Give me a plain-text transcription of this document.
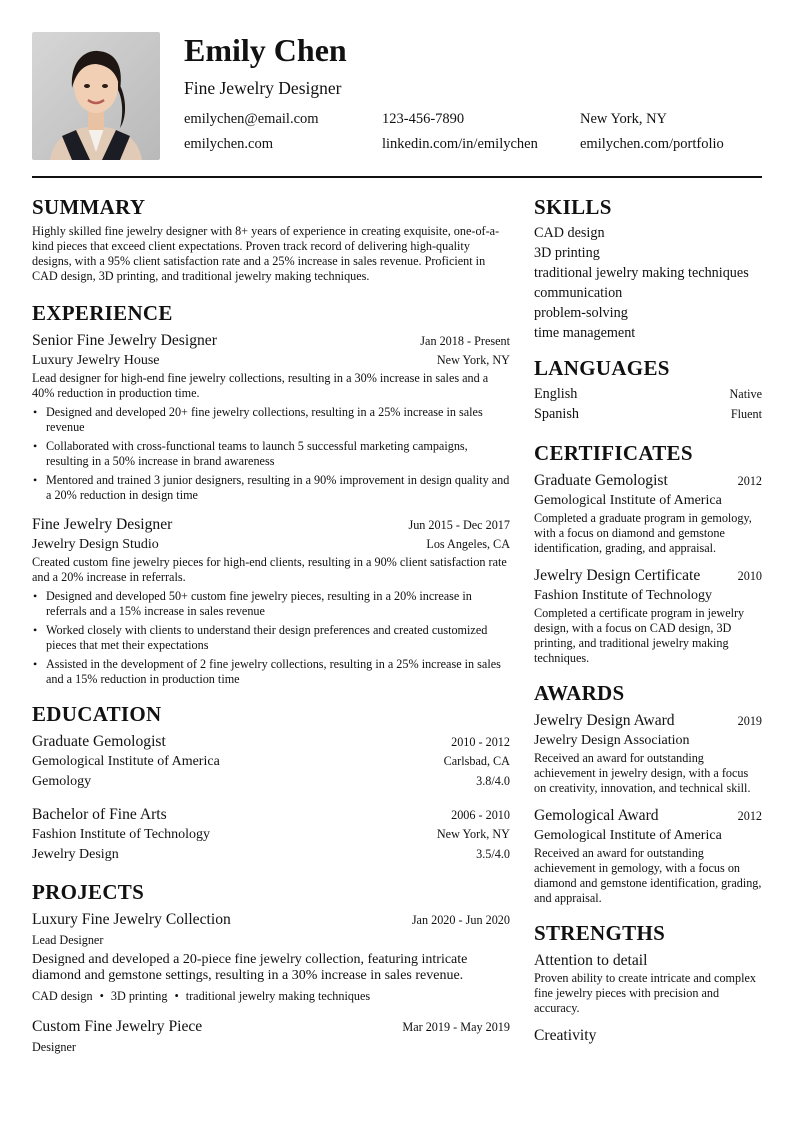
Emily Chen
Fine Jewelry Designer
emilychen@email.com	123-456-7890	New York, NY
emilychen.com	linkedin.com/in/emilychen	emilychen.com/portfolio
SUMMARY
Highly skilled fine jewelry designer with 8+ years of experience in creating exquisite, one-of-a-kind pieces that exceed client expectations. Proven track record of delivering high-quality designs, with a 95% client satisfaction rate and a 25% increase in sales revenue. Proficient in CAD design, 3D printing, and traditional jewelry making techniques.
EXPERIENCE
Senior Fine Jewelry Designer	Jan 2018 - Present
Luxury Jewelry House	New York, NY
Lead designer for high-end fine jewelry collections, resulting in a 30% increase in sales and a 40% reduction in production time.
• Designed and developed 20+ fine jewelry collections, resulting in a 25% increase in sales revenue
• Collaborated with cross-functional teams to launch 5 successful marketing campaigns, resulting in a 50% increase in brand awareness
• Mentored and trained 3 junior designers, resulting in a 90% improvement in design quality and a 20% reduction in design time
Fine Jewelry Designer	Jun 2015 - Dec 2017
Jewelry Design Studio	Los Angeles, CA
Created custom fine jewelry pieces for high-end clients, resulting in a 90% client satisfaction rate and a 20% increase in referrals.
• Designed and developed 50+ custom fine jewelry pieces, resulting in a 20% increase in referrals and a 15% increase in sales revenue
• Worked closely with clients to understand their design preferences and created customized pieces that met their expectations
• Assisted in the development of 2 fine jewelry collections, resulting in a 25% increase in sales and a 15% reduction in production time
EDUCATION
Graduate Gemologist	2010 - 2012
Gemological Institute of America	Carlsbad, CA
Gemology	3.8/4.0
Bachelor of Fine Arts	2006 - 2010
Fashion Institute of Technology	New York, NY
Jewelry Design	3.5/4.0
PROJECTS
Luxury Fine Jewelry Collection	Jan 2020 - Jun 2020
Lead Designer
Designed and developed a 20-piece fine jewelry collection, featuring intricate diamond and gemstone settings, resulting in a 30% increase in sales revenue.
CAD design • 3D printing • traditional jewelry making techniques
Custom Fine Jewelry Piece	Mar 2019 - May 2019
Designer
SKILLS
CAD design
3D printing
traditional jewelry making techniques
communication
problem-solving
time management
LANGUAGES
English	Native
Spanish	Fluent
CERTIFICATES
Graduate Gemologist	2012
Gemological Institute of America
Completed a graduate program in gemology, with a focus on diamond and gemstone identification, grading, and appraisal.
Jewelry Design Certificate	2010
Fashion Institute of Technology
Completed a certificate program in jewelry design, with a focus on CAD design, 3D printing, and traditional jewelry making techniques.
AWARDS
Jewelry Design Award	2019
Jewelry Design Association
Received an award for outstanding achievement in jewelry design, with a focus on creativity, innovation, and technical skill.
Gemological Award	2012
Gemological Institute of America
Received an award for outstanding achievement in gemology, with a focus on diamond and gemstone identification, grading, and appraisal.
STRENGTHS
Attention to detail
Proven ability to create intricate and complex fine jewelry pieces with precision and accuracy.
Creativity
